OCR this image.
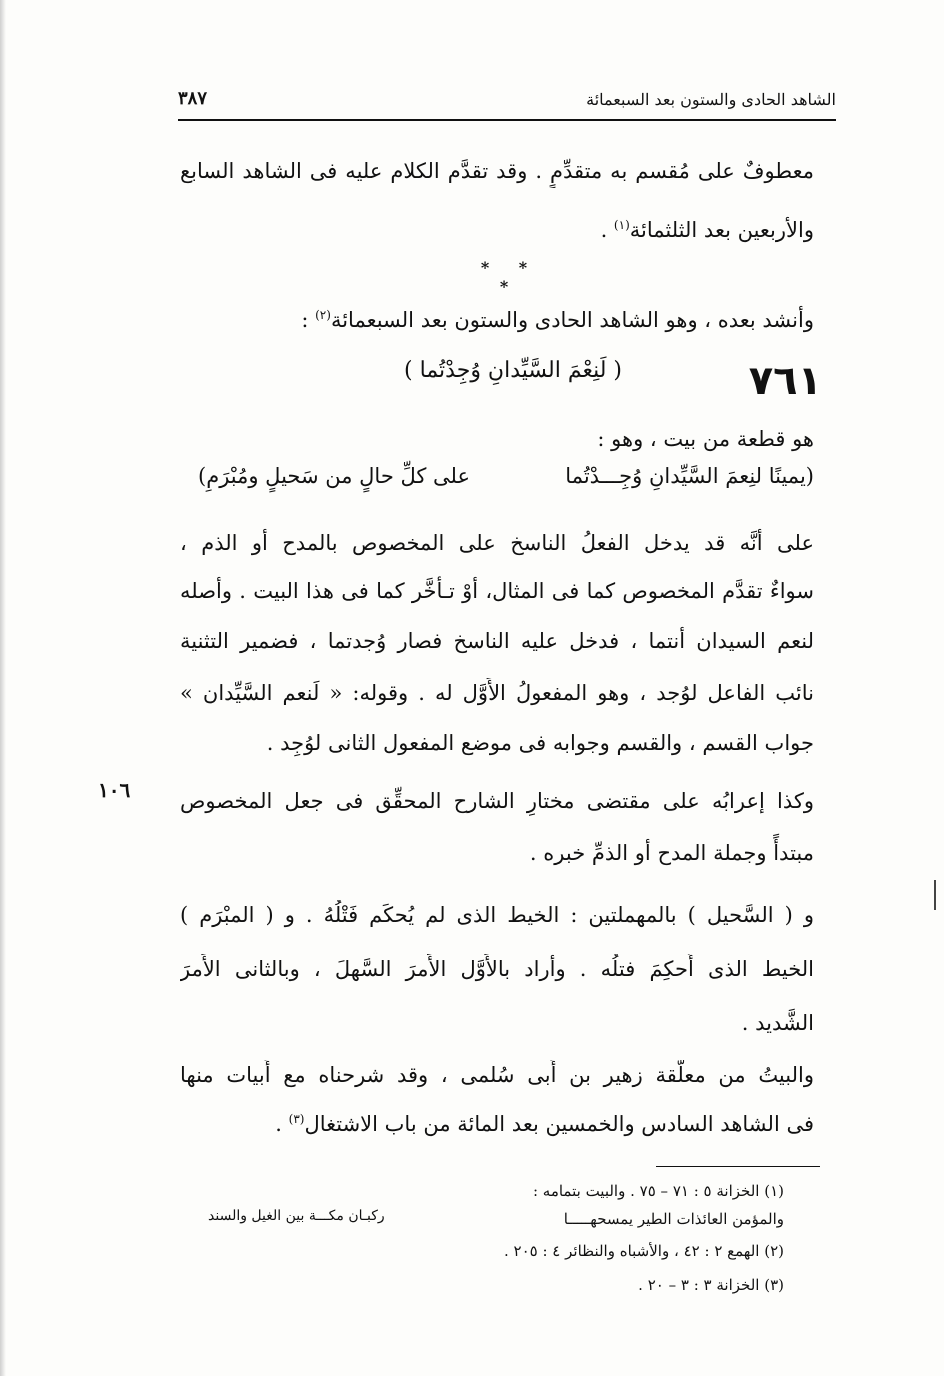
الشاهد الحادى والستون بعد السبعمائة
٣٨٧
معطوفٌ على مُقسم به متقدِّمٍ . وقد تقدَّم الكلام عليه فى الشاهد السابع
والأربعين بعد الثلثمائة$^{(١)}$ .
* * *
وأنشد بعده ، وهو الشاهد الحادى والستون بعد السبعمائة$^{(٢)}$ :
٧٦١
( لَنِعْمَ السَّيِّدانِ وُجِدْتُما )
هو قطعة من بيت ، وهو :
(يمينًا لنِعمَ السَّيِّدانِ وُجِـــدْتُما
على كلِّ حالٍ من سَحيلٍ ومُبْرَمِ)
على أنَّه قد يدخل الفعلُ الناسخ على المخصوص بالمدح أو الذم ،
سواءٌ تقدَّم المخصوص كما فى المثال، أوْ تـأخَّر كما فى هذا البيت . وأصله
لنعم السيدان أنتما ، فدخل عليه الناسخ فصار وُجدتما ، فضمير التثنية
نائب الفاعل لوُجد ، وهو المفعولُ الأَوَّل له . وقوله: « لَنعم السَّيِّدان »
جواب القسم ، والقسم وجوابه فى موضع المفعول الثانى لوُجِد .
وكذا إعرابُه على مقتضى مختارِ الشارح المحقِّق فى جعل المخصوص
مبتدأً وجملة المدح أو الذمِّ خبره .
١٠٦
و ( السَّحيل ) بالمهملتين : الخيط الذى لم يُحكَم فَتْلُهُ . و ( المبْرَم )
الخيط الذى أُحكِمَ فتلُه . وأراد بالأَوَّل الأَمرَ السَّهلَ ، وبالثانى الأَمرَ
الشَّديد .
والبيتُ من معلَّقة زهير بن أَبى سُلمى ، وقد شرحناه مع أَبيات منها
فى الشاهد السادس والخمسين بعد المائة من باب الاشتغال$^{(٣)}$ .
(١) الخزانة ٥ : ٧١ – ٧٥ . والبيت بتمامه :
والمؤمن العائذات الطير يمسحهـــــا
ركبـان مكـــة بين الغيل والسند
(٢) الهمع ٢ : ٤٢ ، والأشباه والنظائر ٤ : ٢٠٥ .
(٣) الخزانة ٣ : ٣ – ٢٠ .
